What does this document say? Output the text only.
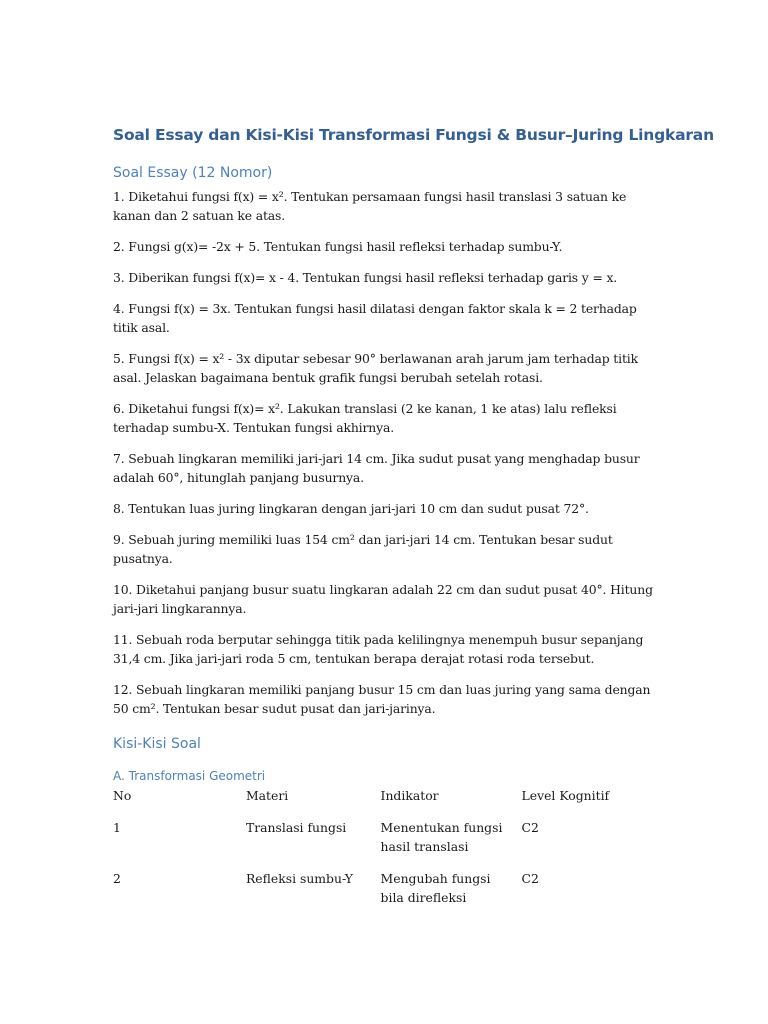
Soal Essay dan Kisi-Kisi Transformasi Fungsi & Busur–Juring Lingkaran
Soal Essay (12 Nomor)
1. Diketahui fungsi f(x) = x². Tentukan persamaan fungsi hasil translasi 3 satuan ke kanan dan 2 satuan ke atas.
2. Fungsi g(x)= -2x + 5. Tentukan fungsi hasil refleksi terhadap sumbu-Y.
3. Diberikan fungsi f(x)= x - 4. Tentukan fungsi hasil refleksi terhadap garis y = x.
4. Fungsi f(x) = 3x. Tentukan fungsi hasil dilatasi dengan faktor skala k = 2 terhadap titik asal.
5. Fungsi f(x) = x² - 3x diputar sebesar 90° berlawanan arah jarum jam terhadap titik asal. Jelaskan bagaimana bentuk grafik fungsi berubah setelah rotasi.
6. Diketahui fungsi f(x)= x². Lakukan translasi (2 ke kanan, 1 ke atas) lalu refleksi terhadap sumbu-X. Tentukan fungsi akhirnya.
7. Sebuah lingkaran memiliki jari-jari 14 cm. Jika sudut pusat yang menghadap busur adalah 60°, hitunglah panjang busurnya.
8. Tentukan luas juring lingkaran dengan jari-jari 10 cm dan sudut pusat 72°.
9. Sebuah juring memiliki luas 154 cm² dan jari-jari 14 cm. Tentukan besar sudut pusatnya.
10. Diketahui panjang busur suatu lingkaran adalah 22 cm dan sudut pusat 40°. Hitung jari-jari lingkarannya.
11. Sebuah roda berputar sehingga titik pada kelilingnya menempuh busur sepanjang 31,4 cm. Jika jari-jari roda 5 cm, tentukan berapa derajat rotasi roda tersebut.
12. Sebuah lingkaran memiliki panjang busur 15 cm dan luas juring yang sama dengan 50 cm². Tentukan besar sudut pusat dan jari-jarinya.
Kisi-Kisi Soal
A. Transformasi Geometri
No	Materi	Indikator	Level Kognitif
1	Translasi fungsi	Menentukan fungsi hasil translasi	C2
2	Refleksi sumbu-Y	Mengubah fungsi bila direfleksi	C2
